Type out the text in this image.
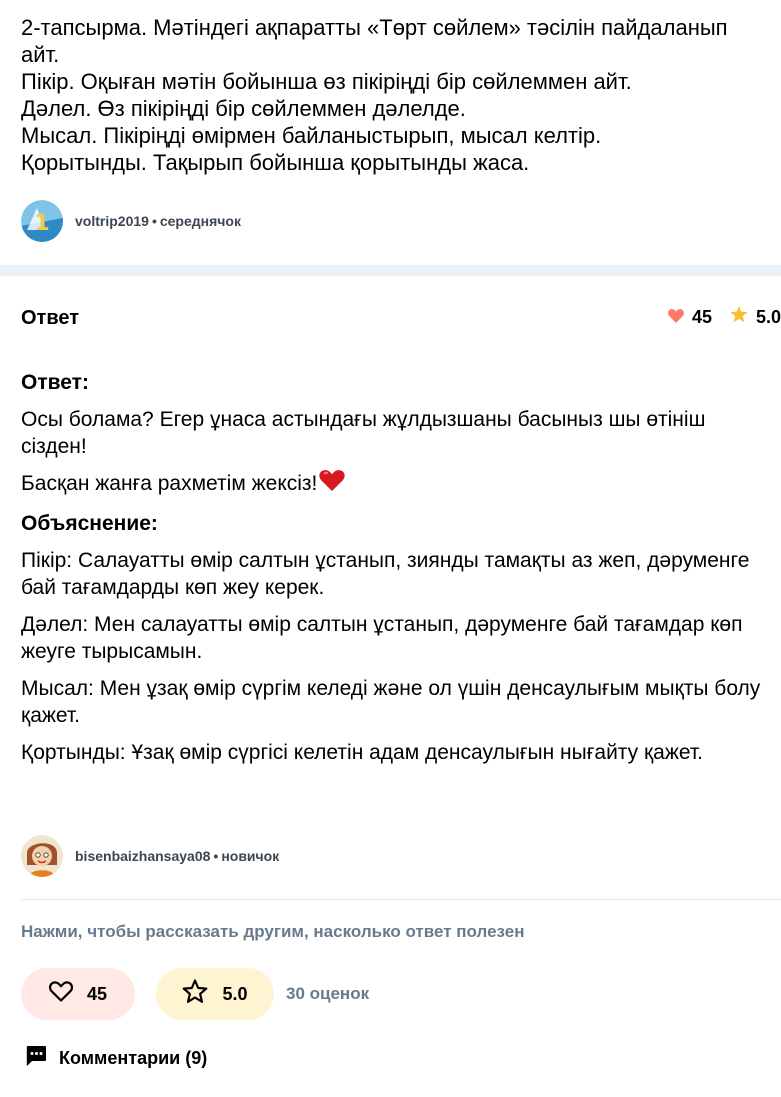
2-тапсырма. Мәтіндегі ақпаратты «Төрт сөйлем» тәсілін пайдаланып

айт.

Пікір. Оқыған мәтін бойынша өз пікіріңді бір сөйлеммен айт.

Дәлел. Өз пікіріңді бір сөйлеммен дәлелде.

Мысал. Пікіріңді өмірмен байланыстырып, мысал келтір.

Қорытынды. Тақырып бойынша қорытынды жаса.

1 voltrip2019 • середнячок
Ответ	45 5.0

Ответ:

Осы болама? Егер ұнаса астындағы жұлдызшаны басыныз шы өтініш сізден!

Басқан жанға рахметім жексіз!

Объяснение:

Пікір: Салауатты өмір салтын ұстанып, зиянды тамақты аз жеп, дәруменге бай тағамдарды көп жеу керек.

Дәлел: Мен салауатты өмір салтын ұстанып, дәруменге бай тағамдар көп жеуге тырысамын.

Мысал: Мен ұзақ өмір сүргім келеді және ол үшін денсаулығым мықты болу қажет.

Қортынды: Ұзақ өмір сүргісі келетін адам денсаулығын нығайту қажет.

bisenbaizhansaya08 • новичок
Нажми, чтобы рассказать другим, насколько ответ полезен
45	5.0 30 оценок
Комментарии (9)
